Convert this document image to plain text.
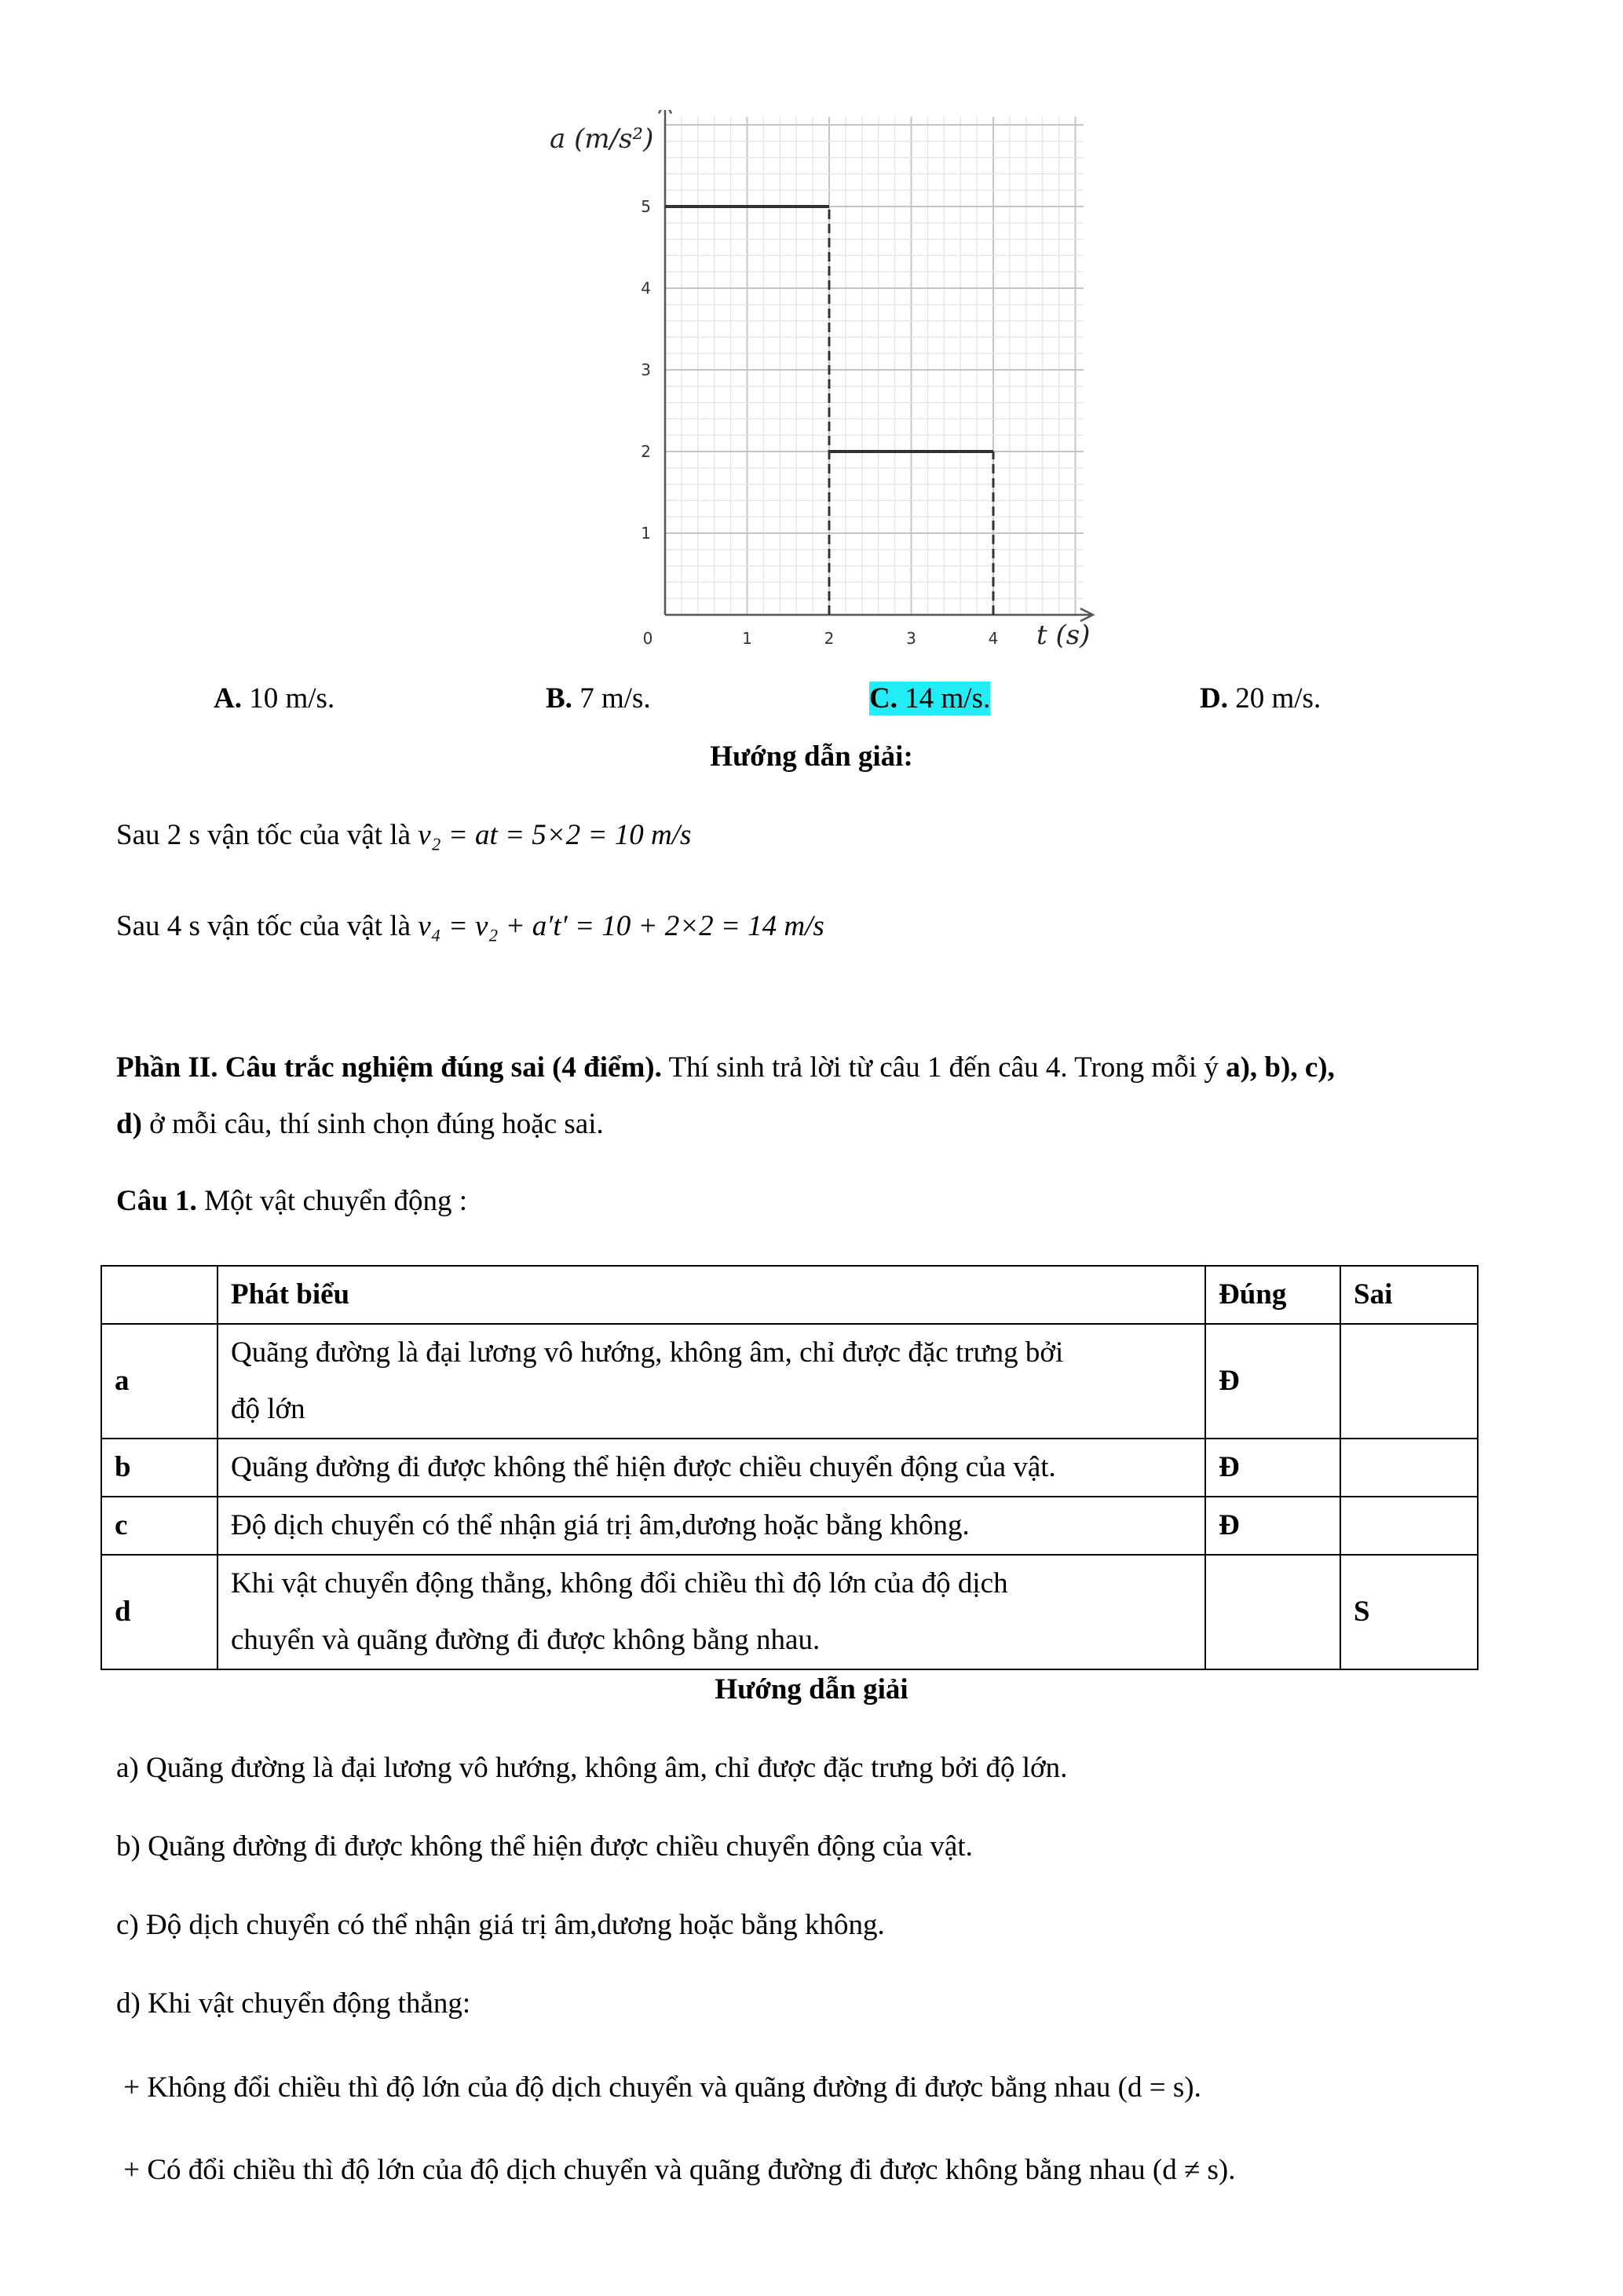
0	1	2	3	4
1
2
3
4
5
a (m/s²)
t (s)
A. 10 m/s.	B. 7 m/s.	C. 14 m/s.	D. 20 m/s.
Hướng dẫn giải:
Sau 2 s vận tốc của vật là v₂ = at = 5×2 = 10 m/s
Sau 4 s vận tốc của vật là v₄ = v₂ + a′t′ = 10 + 2×2 = 14 m/s
Phần II. Câu trắc nghiệm đúng sai (4 điểm). Thí sinh trả lời từ câu 1 đến câu 4. Trong mỗi ý a), b), c),
d) ở mỗi câu, thí sinh chọn đúng hoặc sai.
Câu 1. Một vật chuyển động :
	Phát biểu	Đúng	Sai
a	Quãng đường là đại lương vô hướng, không âm, chỉ được đặc trưng bởi
độ lớn	Đ	
b	Quãng đường đi được không thể hiện được chiều chuyển động của vật.	Đ	
c	Độ dịch chuyển có thể nhận giá trị âm,dương hoặc bằng không.	Đ	
d	Khi vật chuyển động thẳng, không đổi chiều thì độ lớn của độ dịch
chuyển và quãng đường đi được không bằng nhau.		S
Hướng dẫn giải
a) Quãng đường là đại lương vô hướng, không âm, chỉ được đặc trưng bởi độ lớn.
b) Quãng đường đi được không thể hiện được chiều chuyển động của vật.
c) Độ dịch chuyển có thể nhận giá trị âm,dương hoặc bằng không.
d) Khi vật chuyển động thẳng:
+ Không đổi chiều thì độ lớn của độ dịch chuyển và quãng đường đi được bằng nhau (d = s).
+ Có đổi chiều thì độ lớn của độ dịch chuyển và quãng đường đi được không bằng nhau (d ≠ s).
